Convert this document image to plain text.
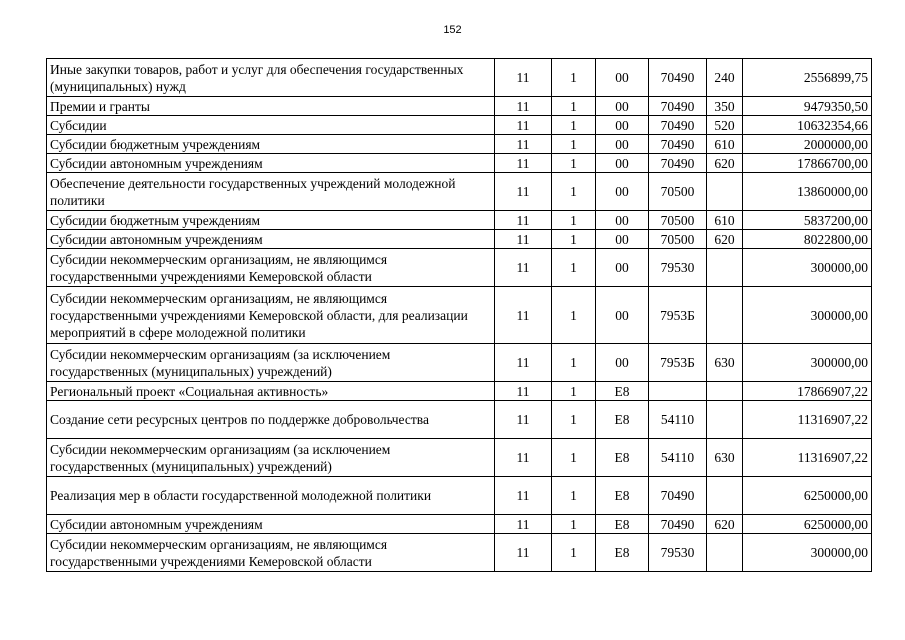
152
Иные закупки товаров, работ и услуг для обеспечения государственных (муниципальных) нужд	11	1	00	70490	240	2556899,75
Премии и гранты	11	1	00	70490	350	9479350,50
Субсидии	11	1	00	70490	520	10632354,66
Субсидии бюджетным учреждениям	11	1	00	70490	610	2000000,00
Субсидии автономным учреждениям	11	1	00	70490	620	17866700,00
Обеспечение деятельности государственных учреждений молодежной политики	11	1	00	70500		13860000,00
Субсидии бюджетным учреждениям	11	1	00	70500	610	5837200,00
Субсидии автономным учреждениям	11	1	00	70500	620	8022800,00
Субсидии некоммерческим организациям, не являющимся государственными учреждениями Кемеровской области	11	1	00	79530		300000,00
Субсидии некоммерческим организациям, не являющимся государственными учреждениями Кемеровской области, для реализации мероприятий в сфере молодежной политики	11	1	00	7953Б		300000,00
Субсидии некоммерческим организациям (за исключением государственных (муниципальных) учреждений)	11	1	00	7953Б	630	300000,00
Региональный проект «Социальная активность»	11	1	E8			17866907,22
Создание сети ресурсных центров по поддержке добровольчества	11	1	E8	54110		11316907,22
Субсидии некоммерческим организациям (за исключением государственных (муниципальных) учреждений)	11	1	E8	54110	630	11316907,22
Реализация мер в области государственной молодежной политики	11	1	E8	70490		6250000,00
Субсидии автономным учреждениям	11	1	E8	70490	620	6250000,00
Субсидии некоммерческим организациям, не являющимся государственными учреждениями Кемеровской области	11	1	E8	79530		300000,00
